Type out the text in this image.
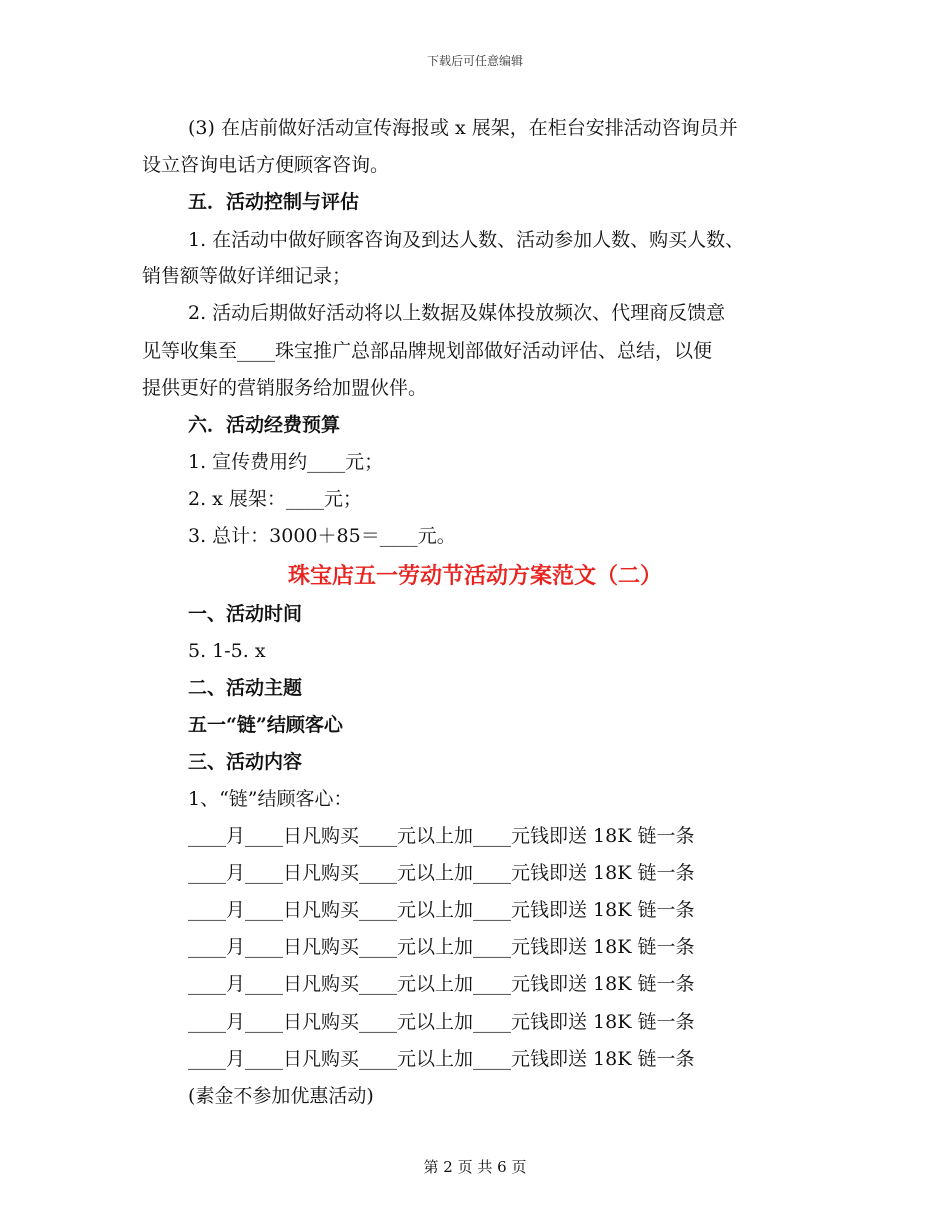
下载后可任意编辑
(3) 在店前做好活动宣传海报或 x 展架，在柜台安排活动咨询员并
设立咨询电话方便顾客咨询。
五．活动控制与评估
1. 在活动中做好顾客咨询及到达人数、活动参加人数、购买人数、
销售额等做好详细记录；
2. 活动后期做好活动将以上数据及媒体投放频次、代理商反馈意
见等收集至____珠宝推广总部品牌规划部做好活动评估、总结，以便
提供更好的营销服务给加盟伙伴。
六．活动经费预算
1. 宣传费用约____元；
2. x 展架：____元；
3. 总计：3000＋85＝____元。
珠宝店五一劳动节活动方案范文（二）
一、活动时间
5. 1-5. x
二、活动主题
五一“链”结顾客心
三、活动内容
1、“链”结顾客心：
____月____日凡购买____元以上加____元钱即送 18K 链一条
____月____日凡购买____元以上加____元钱即送 18K 链一条
____月____日凡购买____元以上加____元钱即送 18K 链一条
____月____日凡购买____元以上加____元钱即送 18K 链一条
____月____日凡购买____元以上加____元钱即送 18K 链一条
____月____日凡购买____元以上加____元钱即送 18K 链一条
____月____日凡购买____元以上加____元钱即送 18K 链一条
(素金不参加优惠活动)
第 2 页 共 6 页
